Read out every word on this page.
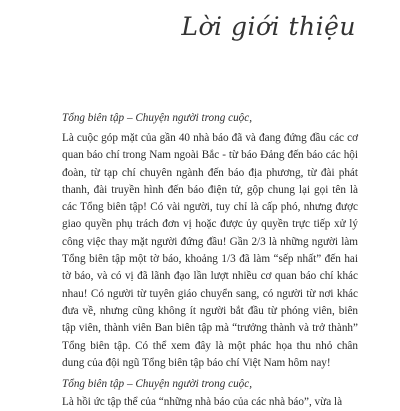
Lời giới thiệu

Tổng biên tập – Chuyện người trong cuộc,

Là cuộc góp mặt của gần 40 nhà báo đã và đang đứng đầu các cơ quan báo chí trong Nam ngoài Bắc - từ báo Đảng đến báo các hội đoàn, từ tạp chí chuyên ngành đến báo địa phương, từ đài phát thanh, đài truyền hình đến báo điện tử, gộp chung lại gọi tên là các Tổng biên tập! Có vài người, tuy chỉ là cấp phó, nhưng được giao quyền phụ trách đơn vị hoặc được ủy quyền trực tiếp xử lý công việc thay mặt người đứng đầu! Gần 2/3 là những người làm Tổng biên tập một tờ báo, khoảng 1/3 đã làm “sếp nhất” đến hai tờ báo, và có vị đã lãnh đạo lần lượt nhiều cơ quan báo chí khác nhau! Có người từ tuyên giáo chuyển sang, có người từ nơi khác đưa về, nhưng cũng không ít người bắt đầu từ phóng viên, biên tập viên, thành viên Ban biên tập mà “trưởng thành và trở thành” Tổng biên tập. Có thể xem đây là một phác họa thu nhỏ chân dung của đội ngũ Tổng biên tập báo chí Việt Nam hôm nay!

Tổng biên tập – Chuyện người trong cuộc,

Là hồi ức tập thể của “những nhà báo của các nhà báo”, vừa là
